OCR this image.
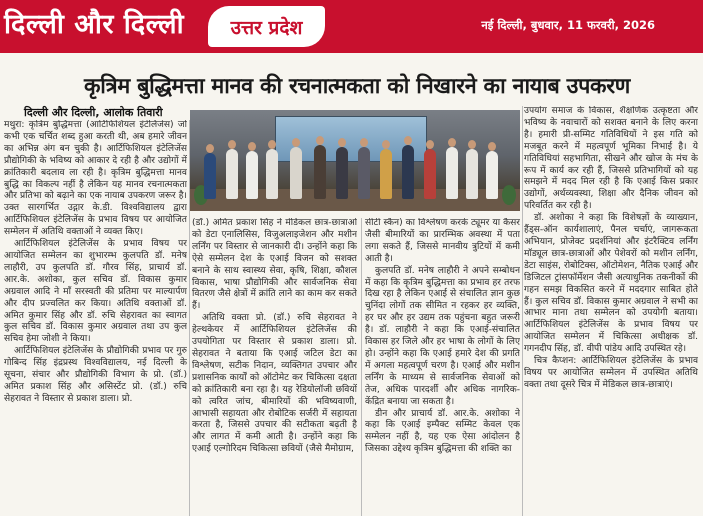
दिल्ली और दिल्ली	उत्तर प्रदेश	नई दिल्ली, बुधवार, 11 फरवरी, 2026
कृत्रिम बुद्धिमत्ता मानव की रचनात्मकता को निखारने का नायाब उपकरण
दिल्ली और दिल्ली, आलोक तिवारी

मथुरा: कृत्रिम बुद्धिमत्ता (आर्टिफिशियल इंटेलिजेंस) जो कभी एक चर्चित शब्द हुआ करती थी, अब हमारे जीवन का अभिन्न अंग बन चुकी है। आर्टिफिशियल इंटेलिजेंस प्रौद्योगिकी के भविष्य को आकार दे रही है और उद्योगों में क्रांतिकारी बदलाव ला रही है। कृत्रिम बुद्धिमत्ता मानव बुद्धि का विकल्प नहीं है लेकिन यह मानव रचनात्मकता और प्रतिभा को बढ़ाने का एक नायाब उपकरण जरूर है। उक्त सारगर्भित उद्गार के.डी. विश्वविद्यालय द्वारा आर्टिफिशियल इंटेलिजेंस के प्रभाव विषय पर आयोजित सम्मेलन में अतिथि वक्ताओं ने व्यक्त किए।

आर्टिफिशियल इंटेलिजेंस के प्रभाव विषय पर आयोजित सम्मेलन का शुभारम्भ कुलपति डॉ. मनेष लाहौरी, उप कुलपति डॉ. गौरव सिंह, प्राचार्य डॉ. आर.के. अशोका, कुल सचिव डॉ. विकास कुमार अग्रवाल आदि ने माँ सरस्वती की प्रतिमा पर माल्यार्पण और दीप प्रज्वलित कर किया। अतिथि वक्ताओं डॉ. अमित कुमार सिंह और डॉ. रुचि सेहरावत का स्वागत कुल सचिव डॉ. विकास कुमार अग्रवाल तथा उप कुल सचिव हेमा जोशी ने किया।

आर्टिफिशियल इंटेलिजेंस के प्रौद्योगिकी प्रभाव पर गुरु गोबिन्द सिंह इंद्रप्रस्थ विश्वविद्यालय, नई दिल्ली के सूचना, संचार और प्रौद्योगिकी विभाग के प्रो. (डॉ.) अमित प्रकाश सिंह और असिस्टेंट प्रो. (डॉ.) रुचि सेहरावत ने विस्तार से प्रकाश डाला। प्रो.

(डॉ.) अमित प्रकाश सिंह ने मेडिकल छात्र-छात्राओं को डेटा एनालिसिस, विजुअलाइजेशन और मशीन लर्निंग पर विस्तार से जानकारी दी। उन्होंने कहा कि ऐसे सम्मेलन देश के एआई विजन को सशक्त बनाने के साथ स्वास्थ्य सेवा, कृषि, शिक्षा, कौशल विकास, भाषा प्रौद्योगिकी और सार्वजनिक सेवा वितरण जैसे क्षेत्रों में क्रांति लाने का काम कर सकते हैं।

अतिथि वक्ता प्रो. (डॉ.) रुचि सेहरावत ने हेल्थकेयर में आर्टिफिशियल इंटेलिजेंस की उपयोगिता पर विस्तार से प्रकाश डाला। प्रो. सेहरावत ने बताया कि एआई जटिल डेटा का विश्लेषण, सटीक निदान, व्यक्तिगत उपचार और प्रशासनिक कार्यों को ऑटोमेट कर चिकित्सा दक्षता को क्रांतिकारी बना रहा है। यह रेडियोलॉजी छवियों को त्वरित जांच, बीमारियों की भविष्यवाणी, आभासी सहायता और रोबोटिक सर्जरी में सहायता करता है, जिससे उपचार की सटीकता बढ़ती है और लागत में कमी आती है। उन्होंने कहा कि एआई एल्गोरिदम चिकित्सा छवियों (जैसे मैमोग्राम,

सीटी स्कैन) का विश्लेषण करके ट्यूमर या कैंसर जैसी बीमारियों का प्रारम्भिक अवस्था में पता लगा सकते हैं, जिससे मानवीय त्रुटियों में कमी आती है।

कुलपति डॉ. मनेष लाहौरी ने अपने सम्बोधन में कहा कि कृत्रिम बुद्धिमत्ता का प्रभाव हर तरफ दिख रहा है लेकिन एआई से संचालित ज्ञान कुछ चुनिंदा लोगों तक सीमित न रहकर हर व्यक्ति, हर घर और हर उद्यम तक पहुंचना बहुत जरूरी है। डॉ. लाहौरी ने कहा कि एआई-संचालित विकास हर जिले और हर भाषा के लोगों के लिए हो। उन्होंने कहा कि एआई हमारे देश की प्रगति में अगला महत्वपूर्ण चरण है। एआई और मशीन लर्निंग के माध्यम से सार्वजनिक सेवाओं को तेज, अधिक पारदर्शी और अधिक नागरिक-केंद्रित बनाया जा सकता है।

डीन और प्राचार्य डॉ. आर.के. अशोका ने कहा कि एआई इम्पैक्ट सम्मिट केवल एक सम्मेलन नहीं है, यह एक ऐसा आंदोलन है जिसका उद्देश्य कृत्रिम बुद्धिमत्ता की शक्ति का

उपयोग समाज के विकास, शैक्षणिक उत्कृष्टता और भविष्य के नवाचारों को सशक्त बनाने के लिए करना है। हमारी प्री-सम्मिट गतिविधियों ने इस गति को मजबूत करने में महत्वपूर्ण भूमिका निभाई है। ये गतिविधियां सहभागिता, सीखने और खोज के मंच के रूप में कार्य कर रही हैं, जिससे प्रतिभागियों को यह समझने में मदद मिल रही है कि एआई किस प्रकार उद्योगों, अर्थव्यवस्था, शिक्षा और दैनिक जीवन को परिवर्तित कर रही है।

डॉ. अशोका ने कहा कि विशेषज्ञों के व्याख्यान, हैंड्स-ऑन कार्यशालाएं, पैनल चर्चाएं, जागरूकता अभियान, प्रोजेक्ट प्रदर्शनियां और इंटरैक्टिव लर्निंग मॉड्यूल छात्र-छात्राओं और पेशेवरों को मशीन लर्निंग, डेटा साइंस, रोबोटिक्स, ऑटोमेशन, नैतिक एआई और डिजिटल ट्रांसफॉर्मेशन जैसी अत्याधुनिक तकनीकों की गहन समझ विकसित करने में मददगार साबित होते हैं। कुल सचिव डॉ. विकास कुमार अग्रवाल ने सभी का आभार माना तथा सम्मेलन को उपयोगी बताया। आर्टिफिशियल इंटेलिजेंस के प्रभाव विषय पर आयोजित सम्मेलन में चिकित्सा अधीक्षक डॉ. गगनदीप सिंह, डॉ. वीपी पांडेय आदि उपस्थित रहे।

चित्र कैप्शन: आर्टिफिशियल इंटेलिजेंस के प्रभाव विषय पर आयोजित सम्मेलन में उपस्थित अतिथि वक्ता तथा दूसरे चित्र में मेडिकल छात्र-छात्राएं।
